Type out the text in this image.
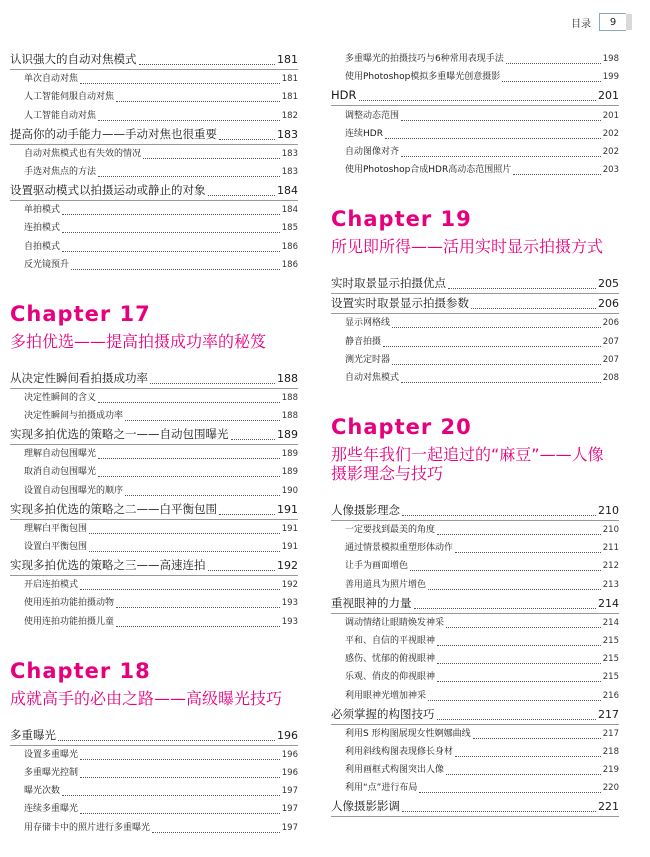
目录	9
认识强大的自动对焦模式	181
单次自动对焦	181
人工智能伺服自动对焦	181
人工智能自动对焦	182
提高你的动手能力——手动对焦也很重要	183
自动对焦模式也有失效的情况	183
手选对焦点的方法	183
设置驱动模式以拍摄运动或静止的对象	184
单拍模式	184
连拍模式	185
自拍模式	186
反光镜预升	186
Chapter 17
多拍优选——提高拍摄成功率的秘笈
从决定性瞬间看拍摄成功率	188
决定性瞬间的含义	188
决定性瞬间与拍摄成功率	188
实现多拍优选的策略之一——自动包围曝光	189
理解自动包围曝光	189
取消自动包围曝光	189
设置自动包围曝光的顺序	190
实现多拍优选的策略之二——白平衡包围	191
理解白平衡包围	191
设置白平衡包围	191
实现多拍优选的策略之三——高速连拍	192
开启连拍模式	192
使用连拍功能拍摄动物	193
使用连拍功能拍摄儿童	193
Chapter 18
成就高手的必由之路——高级曝光技巧
多重曝光	196
设置多重曝光	196
多重曝光控制	196
曝光次数	197
连续多重曝光	197
用存储卡中的照片进行多重曝光	197
多重曝光的拍摄技巧与6种常用表现手法	198
使用Photoshop模拟多重曝光创意摄影	199
HDR	201
调整动态范围	201
连续HDR	202
自动图像对齐	202
使用Photoshop合成HDR高动态范围照片	203
Chapter 19
所见即所得——活用实时显示拍摄方式
实时取景显示拍摄优点	205
设置实时取景显示拍摄参数	206
显示网格线	206
静音拍摄	207
测光定时器	207
自动对焦模式	208
Chapter 20
那些年我们一起追过的“麻豆”——人像摄影理念与技巧
人像摄影理念	210
一定要找到最美的角度	210
通过情景模拟重塑形体动作	211
让手为画面增色	212
善用道具为照片增色	213
重视眼神的力量	214
调动情绪让眼睛焕发神采	214
平和、自信的平视眼神	215
感伤、忧郁的俯视眼神	215
乐观、俏皮的仰视眼神	215
利用眼神光增加神采	216
必须掌握的构图技巧	217
利用S 形构图展现女性婀娜曲线	217
利用斜线构图表现修长身材	218
利用画框式构图突出人像	219
利用“点”进行布局	220
人像摄影影调	221
